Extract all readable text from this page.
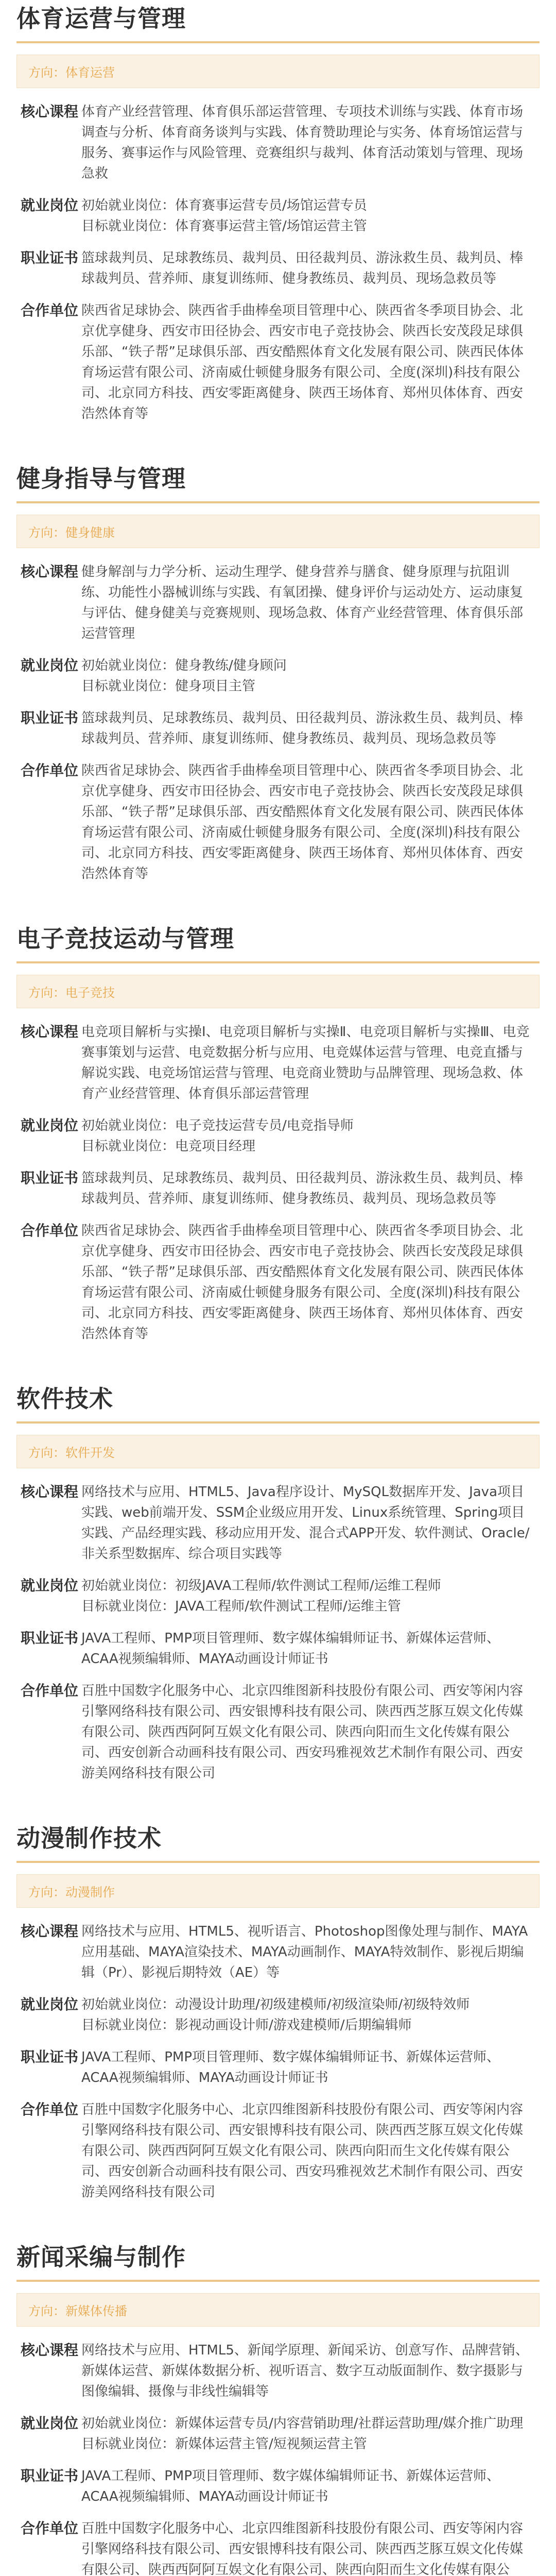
体育运营与管理
方向：体育运营
核心课程 体育产业经营管理、体育俱乐部运营管理、专项技术训练与实践、体育市场调查与分析、体育商务谈判与实践、体育赞助理论与实务、体育场馆运营与服务、赛事运作与风险管理、竞赛组织与裁判、体育活动策划与管理、现场急救
就业岗位 初始就业岗位：体育赛事运营专员/场馆运营专员
目标就业岗位：体育赛事运营主管/场馆运营主管
职业证书 篮球裁判员、足球教练员、裁判员、田径裁判员、游泳救生员、裁判员、棒球裁判员、营养师、康复训练师、健身教练员、裁判员、现场急救员等
合作单位 陕西省足球协会、陕西省手曲棒垒项目管理中心、陕西省冬季项目协会、北京优享健身、西安市田径协会、西安市电子竞技协会、陕西长安茂段足球俱乐部、“铁子帮”足球俱乐部、西安酷熙体育文化发展有限公司、陕西民体体育场运营有限公司、济南威仕顿健身服务有限公司、全度(深圳)科技有限公司、北京同方科技、西安零距离健身、陕西王场体育、郑州贝体体育、西安浩然体育等
健身指导与管理
方向：健身健康
核心课程 健身解剖与力学分析、运动生理学、健身营养与膳食、健身原理与抗阻训练、功能性小器械训练与实践、有氧团操、健身评价与运动处方、运动康复与评估、健身健美与竞赛规则、现场急救、体育产业经营管理、体育俱乐部运营管理
就业岗位 初始就业岗位：健身教练/健身顾问
目标就业岗位：健身项目主管
职业证书 篮球裁判员、足球教练员、裁判员、田径裁判员、游泳救生员、裁判员、棒球裁判员、营养师、康复训练师、健身教练员、裁判员、现场急救员等
合作单位 陕西省足球协会、陕西省手曲棒垒项目管理中心、陕西省冬季项目协会、北京优享健身、西安市田径协会、西安市电子竞技协会、陕西长安茂段足球俱乐部、“铁子帮”足球俱乐部、西安酷熙体育文化发展有限公司、陕西民体体育场运营有限公司、济南威仕顿健身服务有限公司、全度(深圳)科技有限公司、北京同方科技、西安零距离健身、陕西王场体育、郑州贝体体育、西安浩然体育等
电子竞技运动与管理
方向：电子竞技
核心课程 电竞项目解析与实操Ⅰ、电竞项目解析与实操Ⅱ、电竞项目解析与实操Ⅲ、电竞赛事策划与运营、电竞数据分析与应用、电竞媒体运营与管理、电竞直播与解说实践、电竞场馆运营与管理、电竞商业赞助与品牌管理、现场急救、体育产业经营管理、体育俱乐部运营管理
就业岗位 初始就业岗位：电子竞技运营专员/电竞指导师
目标就业岗位：电竞项目经理
职业证书 篮球裁判员、足球教练员、裁判员、田径裁判员、游泳救生员、裁判员、棒球裁判员、营养师、康复训练师、健身教练员、裁判员、现场急救员等
合作单位 陕西省足球协会、陕西省手曲棒垒项目管理中心、陕西省冬季项目协会、北京优享健身、西安市田径协会、西安市电子竞技协会、陕西长安茂段足球俱乐部、“铁子帮”足球俱乐部、西安酷熙体育文化发展有限公司、陕西民体体育场运营有限公司、济南威仕顿健身服务有限公司、全度(深圳)科技有限公司、北京同方科技、西安零距离健身、陕西王场体育、郑州贝体体育、西安浩然体育等
软件技术
方向：软件开发
核心课程 网络技术与应用、HTML5、Java程序设计、MySQL数据库开发、Java项目实践、web前端开发、SSM企业级应用开发、Linux系统管理、Spring项目实践、产品经理实践、移动应用开发、混合式APP开发、软件测试、Oracle/非关系型数据库、综合项目实践等
就业岗位 初始就业岗位：初级JAVA工程师/软件测试工程师/运维工程师
目标就业岗位：JAVA工程师/软件测试工程师/运维主管
职业证书 JAVA工程师、PMP项目管理师、数字媒体编辑师证书、新媒体运营师、ACAA视频编辑师、MAYA动画设计师证书
合作单位 百胜中国数字化服务中心、北京四维图新科技股份有限公司、西安等闲内容引擎网络科技有限公司、西安银博科技有限公司、陕西西芝豚互娱文化传媒有限公司、陕西西阿阿互娱文化有限公司、陕西向阳而生文化传媒有限公司、西安创新合动画科技有限公司、西安玛雅视效艺术制作有限公司、西安游美网络科技有限公司
动漫制作技术
方向：动漫制作
核心课程 网络技术与应用、HTML5、视听语言、Photoshop图像处理与制作、MAYA应用基础、MAYA渲染技术、MAYA动画制作、MAYA特效制作、影视后期编辑（Pr）、影视后期特效（AE）等
就业岗位 初始就业岗位：动漫设计助理/初级建模师/初级渲染师/初级特效师
目标就业岗位：影视动画设计师/游戏建模师/后期编辑师
职业证书 JAVA工程师、PMP项目管理师、数字媒体编辑师证书、新媒体运营师、ACAA视频编辑师、MAYA动画设计师证书
合作单位 百胜中国数字化服务中心、北京四维图新科技股份有限公司、西安等闲内容引擎网络科技有限公司、西安银博科技有限公司、陕西西芝豚互娱文化传媒有限公司、陕西西阿阿互娱文化有限公司、陕西向阳而生文化传媒有限公司、西安创新合动画科技有限公司、西安玛雅视效艺术制作有限公司、西安游美网络科技有限公司
新闻采编与制作
方向：新媒体传播
核心课程 网络技术与应用、HTML5、新闻学原理、新闻采访、创意写作、品牌营销、新媒体运营、新媒体数据分析、视听语言、数字互动版面制作、数字摄影与图像编辑、摄像与非线性编辑等
就业岗位 初始就业岗位：新媒体运营专员/内容营销助理/社群运营助理/媒介推广助理
目标就业岗位：新媒体运营主管/短视频运营主管
职业证书 JAVA工程师、PMP项目管理师、数字媒体编辑师证书、新媒体运营师、ACAA视频编辑师、MAYA动画设计师证书
合作单位 百胜中国数字化服务中心、北京四维图新科技股份有限公司、西安等闲内容引擎网络科技有限公司、西安银博科技有限公司、陕西西芝豚互娱文化传媒有限公司、陕西西阿阿互娱文化有限公司、陕西向阳而生文化传媒有限公
